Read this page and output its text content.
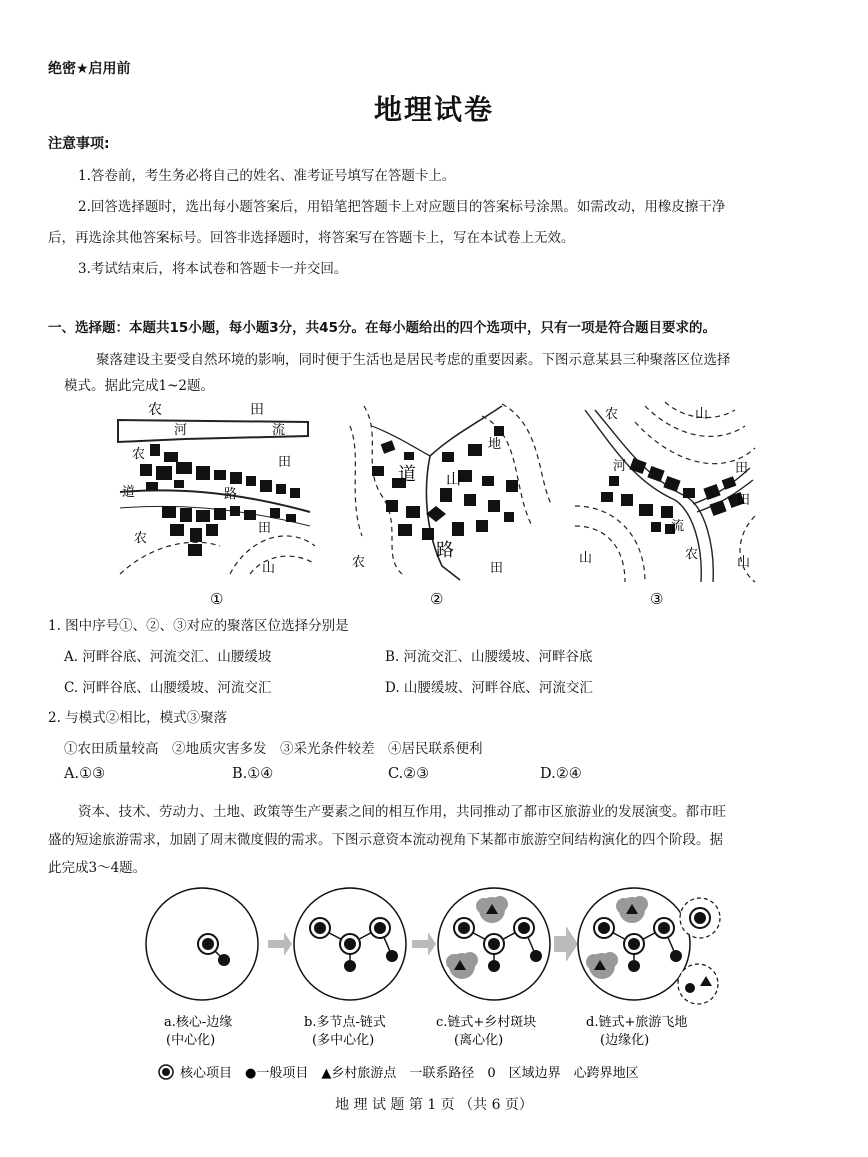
绝密★启用前
地理试卷
注意事项:
1.答卷前，考生务必将自己的姓名、准考证号填写在答题卡上。
2.回答选择题时，选出每小题答案后，用铅笔把答题卡上对应题目的答案标号涂黑。如需改动，用橡皮擦干净
后，再选涂其他答案标号。回答非选择题时，将答案写在答题卡上，写在本试卷上无效。
3.考试结束后，将本试卷和答题卡一并交回。
一、选择题：本题共15小题，每小题3分，共45分。在每小题给出的四个选项中，只有一项是符合题目要求的。
聚落建设主要受自然环境的影响，同时便于生活也是居民考虑的重要因素。下图示意某县三种聚落区位选择
模式。据此完成1~2题。
农	田
河	流
农
道	路
田
田
农
山
①
地
道 山
路
农	田
②
农	山
河
流
田
田
山	农
山
③
1. 图中序号①、②、③对应的聚落区位选择分别是
A. 河畔谷底、河流交汇、山腰缓坡	B. 河流交汇、山腰缓坡、河畔谷底
C. 河畔谷底、山腰缓坡、河流交汇	D. 山腰缓坡、河畔谷底、河流交汇
2. 与模式②相比，模式③聚落
①农田质量较高　②地质灾害多发　③采光条件较差　④居民联系便利
A.①③	B.①④	C.②③	D.②④
资本、技术、劳动力、土地、政策等生产要素之间的相互作用，共同推动了都市区旅游业的发展演变。都市旺
盛的短途旅游需求，加剧了周末微度假的需求。下图示意资本流动视角下某都市旅游空间结构演化的四个阶段。据
此完成3～4题。
a.核心-边缘
(中心化)
b.多节点-链式
(多中心化)
c.链式+乡村斑块
(离心化)
d.链式+旅游飞地
(边缘化)
核心项目　●一般项目　▲乡村旅游点　一联系路径　0　区域边界　心跨界地区
地 理 试 题 第 1 页 （共 6 页）
